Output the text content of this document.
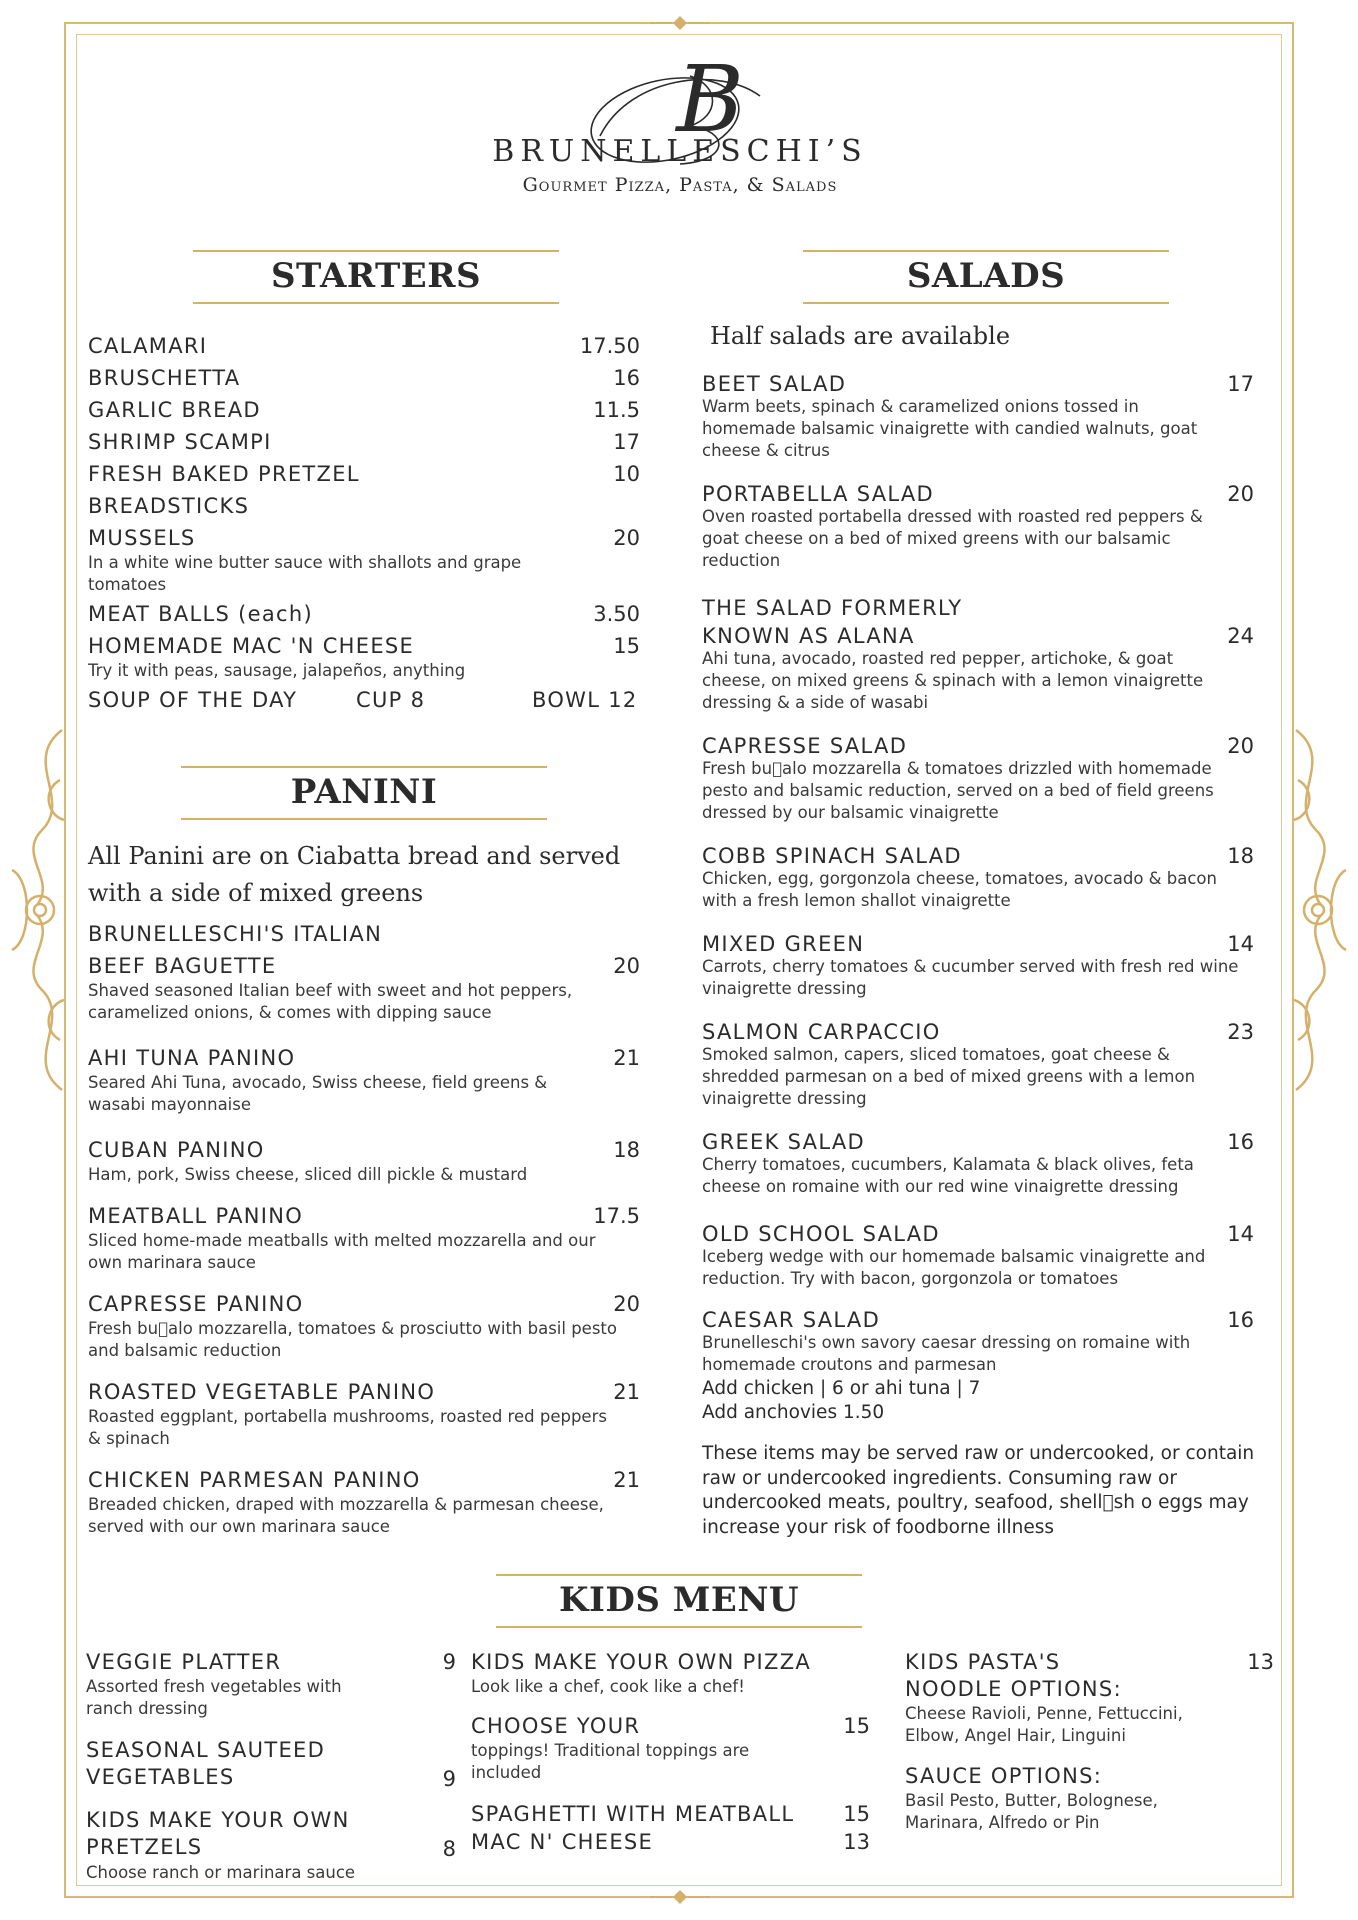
B
BRUNELLESCHI’S
Gourmet Pizza, Pasta, & Salads
STARTERS
CALAMARI	17.50
BRUSCHETTA	16
GARLIC BREAD	11.5
SHRIMP SCAMPI	17
FRESH BAKED PRETZEL	10
BREADSTICKS
MUSSELS	20
In a white wine butter sauce with shallots and grape tomatoes
MEAT BALLS (each)	3.50
HOMEMADE MAC 'N CHEESE	15
Try it with peas, sausage, jalapeños, anything
SOUP OF THE DAY	CUP 8	BOWL 12
PANINI
All Panini are on Ciabatta bread and served with a side of mixed greens
BRUNELLESCHI'S ITALIAN
BEEF BAGUETTE	20
Shaved seasoned Italian beef with sweet and hot peppers, caramelized onions, & comes with dipping sauce
AHI TUNA PANINO	21
Seared Ahi Tuna, avocado, Swiss cheese, field greens & wasabi mayonnaise
CUBAN PANINO	18
Ham, pork, Swiss cheese, sliced dill pickle & mustard
MEATBALL PANINO	17.5
Sliced home-made meatballs with melted mozzarella and our own marinara sauce
CAPRESSE PANINO	20
Fresh bu alo mozzarella, tomatoes & prosciutto with basil pesto and balsamic reduction
ROASTED VEGETABLE PANINO	21
Roasted eggplant, portabella mushrooms, roasted red peppers & spinach
CHICKEN PARMESAN PANINO	21
Breaded chicken, draped with mozzarella & parmesan cheese, served with our own marinara sauce
SALADS
Half salads are available
BEET SALAD	17
Warm beets, spinach & caramelized onions tossed in homemade balsamic vinaigrette with candied walnuts, goat cheese & citrus
PORTABELLA SALAD	20
Oven roasted portabella dressed with roasted red peppers & goat cheese on a bed of mixed greens with our balsamic reduction
THE SALAD FORMERLY
KNOWN AS ALANA	24
Ahi tuna, avocado, roasted red pepper, artichoke, & goat cheese, on mixed greens & spinach with a lemon vinaigrette dressing & a side of wasabi
CAPRESSE SALAD	20
Fresh bu alo mozzarella & tomatoes drizzled with homemade pesto and balsamic reduction, served on a bed of field greens dressed by our balsamic vinaigrette
COBB SPINACH SALAD	18
Chicken, egg, gorgonzola cheese, tomatoes, avocado & bacon with a fresh lemon shallot vinaigrette
MIXED GREEN	14
Carrots, cherry tomatoes & cucumber served with fresh red wine vinaigrette dressing
SALMON CARPACCIO	23
Smoked salmon, capers, sliced tomatoes, goat cheese & shredded parmesan on a bed of mixed greens with a lemon vinaigrette dressing
GREEK SALAD	16
Cherry tomatoes, cucumbers, Kalamata & black olives, feta cheese on romaine with our red wine vinaigrette dressing
OLD SCHOOL SALAD	14
Iceberg wedge with our homemade balsamic vinaigrette and reduction. Try with bacon, gorgonzola or tomatoes
CAESAR SALAD	16
Brunelleschi's own savory caesar dressing on romaine with homemade croutons and parmesan
Add chicken | 6 or ahi tuna | 7
Add anchovies 1.50
These items may be served raw or undercooked, or contain raw or undercooked ingredients. Consuming raw or undercooked meats, poultry, seafood, shell sh o eggs may increase your risk of foodborne illness
KIDS MENU
VEGGIE PLATTER	9
Assorted fresh vegetables with ranch dressing
SEASONAL SAUTEED
VEGETABLES	9
KIDS MAKE YOUR OWN
PRETZELS	8
Choose ranch or marinara sauce
KIDS MAKE YOUR OWN PIZZA
Look like a chef, cook like a chef!
CHOOSE YOUR	15
toppings! Traditional toppings are included
SPAGHETTI WITH MEATBALL	15
MAC N' CHEESE	13
KIDS PASTA'S	13
NOODLE OPTIONS:
Cheese Ravioli, Penne, Fettuccini, Elbow, Angel Hair, Linguini
SAUCE OPTIONS:
Basil Pesto, Butter, Bolognese, Marinara, Alfredo or Pin
